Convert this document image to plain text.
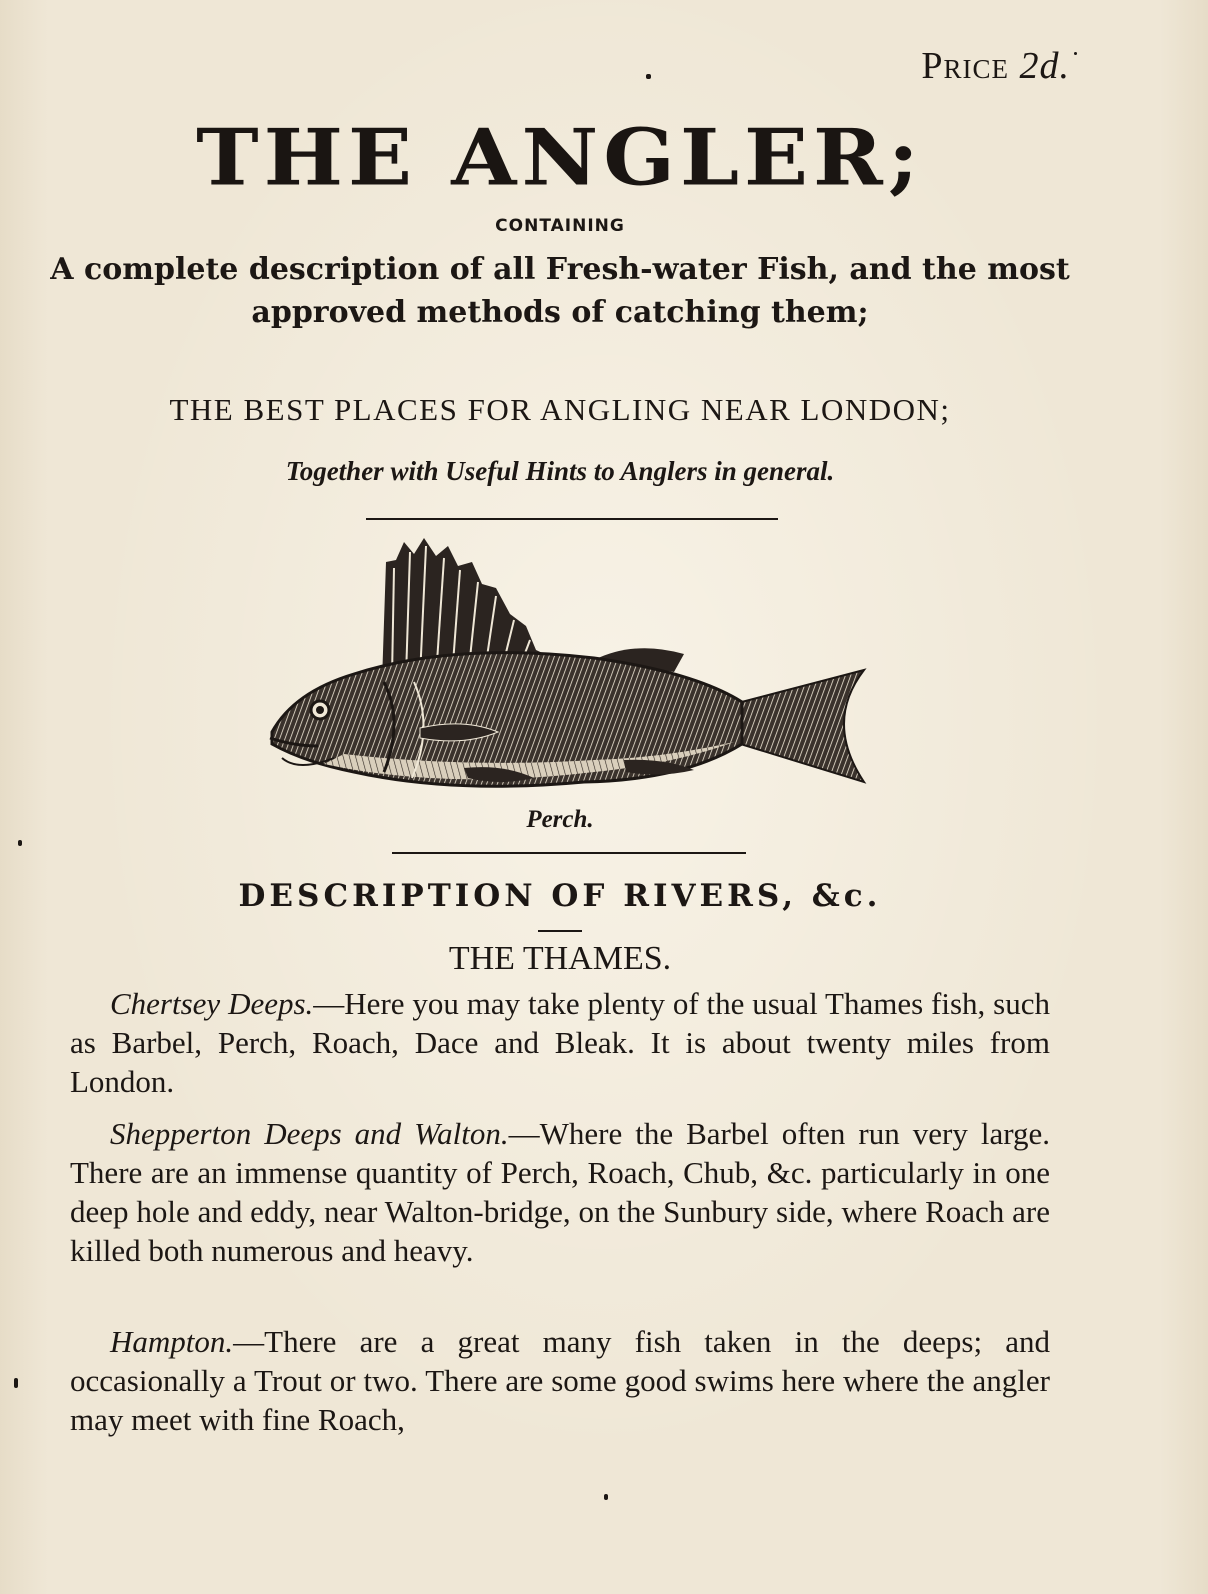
Price 2d.
THE ANGLER;
CONTAINING
A complete description of all Fresh-water Fish, and the most approved methods of catching them;
THE BEST PLACES FOR ANGLING NEAR LONDON;
Together with Useful Hints to Anglers in general.
Perch.
DESCRIPTION OF RIVERS, &c.
THE THAMES.

Chertsey Deeps.—Here you may take plenty of the usual Thames fish, such as Barbel, Perch, Roach, Dace and Bleak. It is about twenty miles from London.

Shepperton Deeps and Walton.—Where the Barbel often run very large. There are an immense quantity of Perch, Roach, Chub, &c. particularly in one deep hole and eddy, near Walton-bridge, on the Sunbury side, where Roach are killed both numerous and heavy.

Hampton.—There are a great many fish taken in the deeps; and occasionally a Trout or two. There are some good swims here where the angler may meet with fine Roach,
